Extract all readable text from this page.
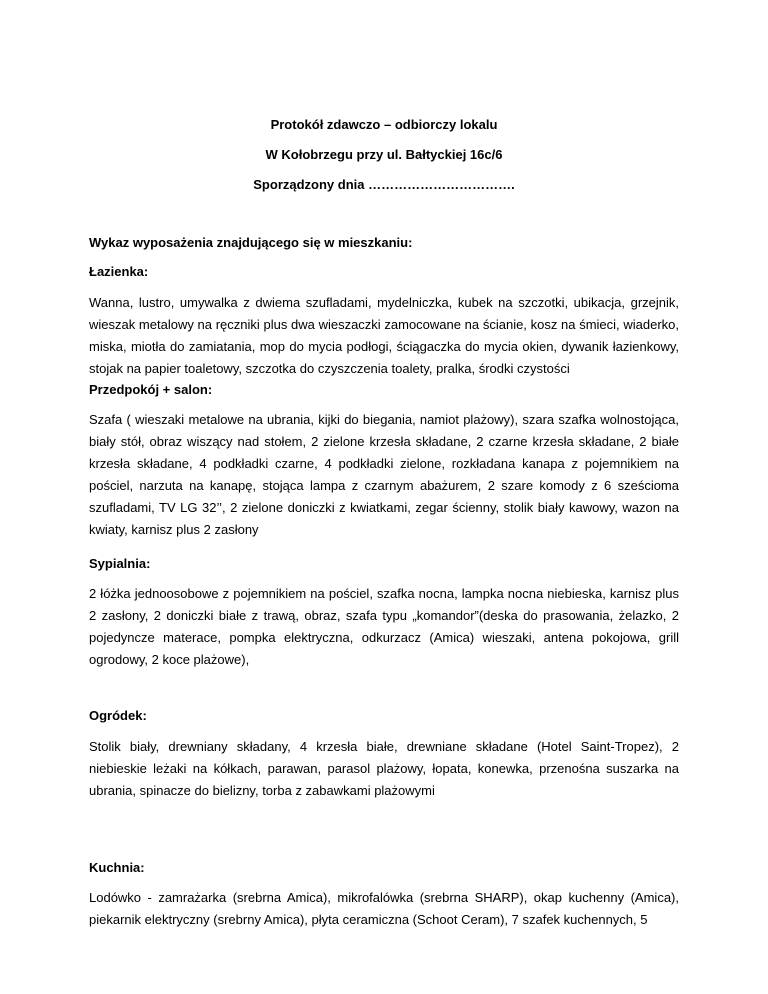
Protokół zdawczo – odbiorczy lokalu
W Kołobrzegu przy ul. Bałtyckiej 16c/6
Sporządzony dnia …………………………….
Wykaz wyposażenia znajdującego się w mieszkaniu:
Łazienka:
Wanna, lustro, umywalka z dwiema szufladami, mydelniczka, kubek na szczotki, ubikacja, grzejnik, wieszak metalowy na ręczniki plus dwa wieszaczki zamocowane na ścianie, kosz na śmieci, wiaderko, miska, miotła do zamiatania, mop do mycia podłogi, ściągaczka do mycia okien, dywanik łazienkowy, stojak na papier toaletowy, szczotka do czyszczenia toalety, pralka, środki czystości
Przedpokój + salon:
Szafa ( wieszaki metalowe na ubrania, kijki do biegania, namiot plażowy), szara szafka wolnostojąca, biały stół, obraz wiszący nad stołem, 2 zielone krzesła składane, 2 czarne krzesła składane, 2 białe krzesła składane, 4 podkładki czarne, 4 podkładki zielone, rozkładana kanapa z pojemnikiem na pościel, narzuta na kanapę, stojąca lampa z czarnym abażurem, 2 szare komody z 6 sześcioma szufladami, TV LG 32’’, 2 zielone doniczki z kwiatkami, zegar ścienny, stolik biały kawowy, wazon na kwiaty, karnisz plus 2 zasłony
Sypialnia:
2 łóżka jednoosobowe z pojemnikiem na pościel, szafka nocna, lampka nocna niebieska, karnisz plus 2 zasłony, 2 doniczki białe z trawą, obraz, szafa typu „komandor”(deska do prasowania, żelazko, 2 pojedyncze materace, pompka elektryczna, odkurzacz (Amica) wieszaki, antena pokojowa, grill ogrodowy, 2 koce plażowe),
Ogródek:
Stolik biały, drewniany składany, 4 krzesła białe, drewniane składane (Hotel Saint-Tropez), 2 niebieskie leżaki na kółkach, parawan, parasol plażowy, łopata, konewka, przenośna suszarka na ubrania, spinacze do bielizny, torba z zabawkami plażowymi
Kuchnia:
Lodówko - zamrażarka (srebrna Amica), mikrofalówka (srebrna SHARP), okap kuchenny (Amica), piekarnik elektryczny (srebrny Amica), płyta ceramiczna (Schoot Ceram), 7 szafek kuchennych, 5
